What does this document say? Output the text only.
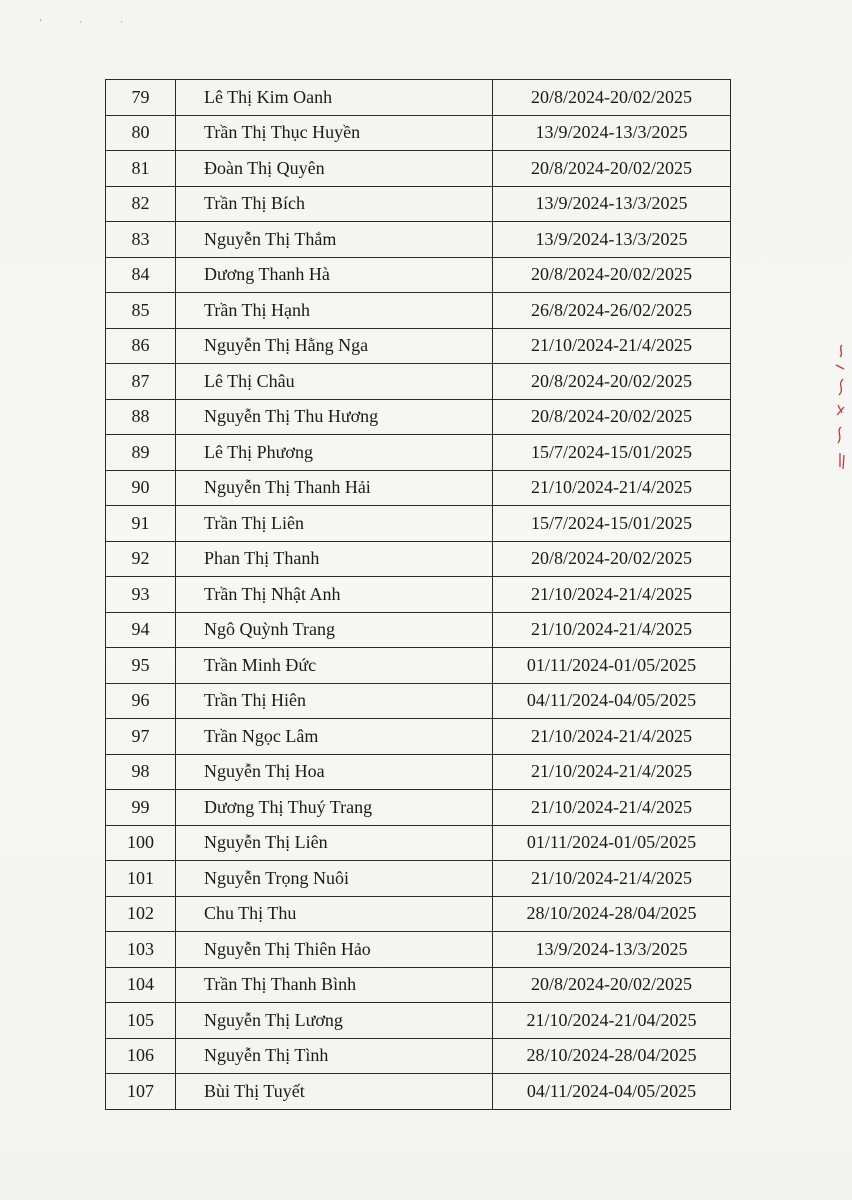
' · ·
79	Lê Thị Kim Oanh	20/8/2024-20/02/2025
80	Trần Thị Thục Huyền	13/9/2024-13/3/2025
81	Đoàn Thị Quyên	20/8/2024-20/02/2025
82	Trần Thị Bích	13/9/2024-13/3/2025
83	Nguyễn Thị Thắm	13/9/2024-13/3/2025
84	Dương Thanh Hà	20/8/2024-20/02/2025
85	Trần Thị Hạnh	26/8/2024-26/02/2025
86	Nguyễn Thị Hằng Nga	21/10/2024-21/4/2025
87	Lê Thị Châu	20/8/2024-20/02/2025
88	Nguyễn Thị Thu Hương	20/8/2024-20/02/2025
89	Lê Thị Phương	15/7/2024-15/01/2025
90	Nguyễn Thị Thanh Hải	21/10/2024-21/4/2025
91	Trần Thị Liên	15/7/2024-15/01/2025
92	Phan Thị Thanh	20/8/2024-20/02/2025
93	Trần Thị Nhật Anh	21/10/2024-21/4/2025
94	Ngô Quỳnh Trang	21/10/2024-21/4/2025
95	Trần Minh Đức	01/11/2024-01/05/2025
96	Trần Thị Hiên	04/11/2024-04/05/2025
97	Trần Ngọc Lâm	21/10/2024-21/4/2025
98	Nguyễn Thị Hoa	21/10/2024-21/4/2025
99	Dương Thị Thuý Trang	21/10/2024-21/4/2025
100	Nguyễn Thị Liên	01/11/2024-01/05/2025
101	Nguyễn Trọng Nuôi	21/10/2024-21/4/2025
102	Chu Thị Thu	28/10/2024-28/04/2025
103	Nguyễn Thị Thiên Hảo	13/9/2024-13/3/2025
104	Trần Thị Thanh Bình	20/8/2024-20/02/2025
105	Nguyễn Thị Lương	21/10/2024-21/04/2025
106	Nguyễn Thị Tình	28/10/2024-28/04/2025
107	Bùi Thị Tuyết	04/11/2024-04/05/2025
